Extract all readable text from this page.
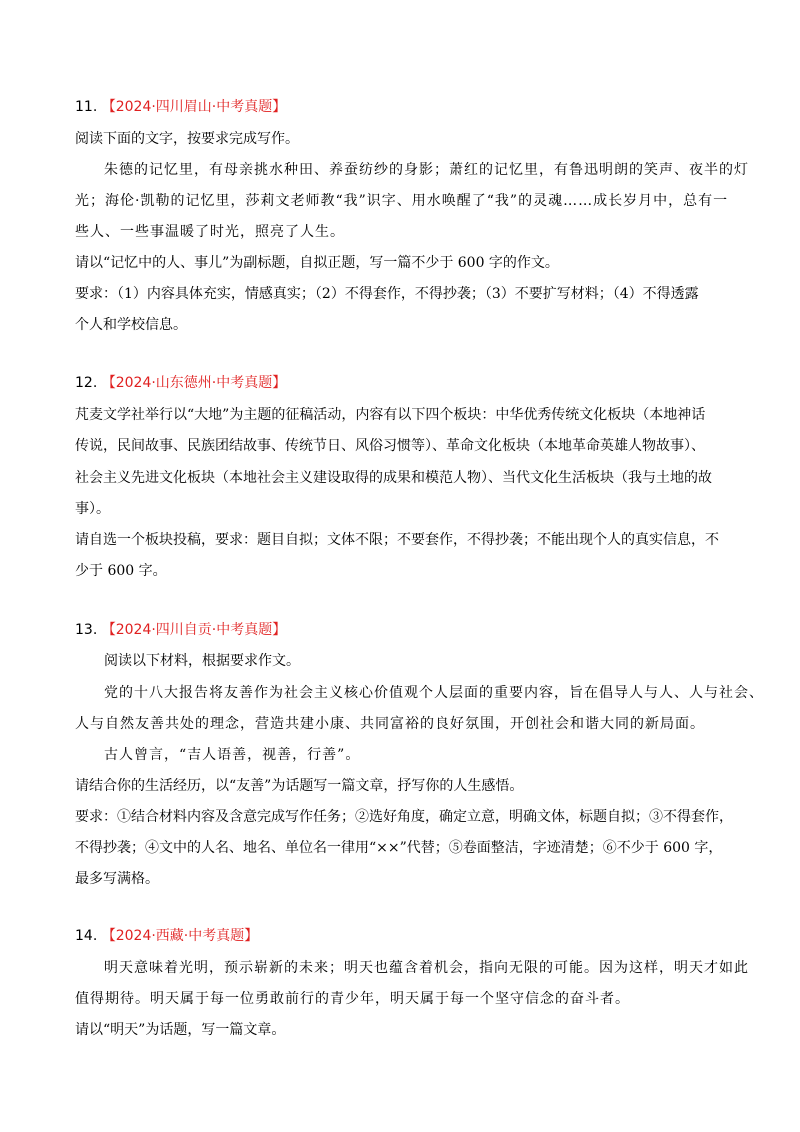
11. 【2024·四川眉山·中考真题】
阅读下面的文字，按要求完成写作。
朱德的记忆里，有母亲挑水种田、养蚕纺纱的身影；萧红的记忆里，有鲁迅明朗的笑声、夜半的灯
光；海伦·凯勒的记忆里，莎莉文老师教“我”识字、用水唤醒了“我”的灵魂……成长岁月中，总有一
些人、一些事温暖了时光，照亮了人生。
请以“记忆中的人、事儿”为副标题，自拟正题，写一篇不少于 600 字的作文。
要求：（1）内容具体充实，情感真实；（2）不得套作，不得抄袭；（3）不要扩写材料；（4）不得透露
个人和学校信息。
12. 【2024·山东德州·中考真题】
芃麦文学社举行以“大地”为主题的征稿活动，内容有以下四个板块：中华优秀传统文化板块（本地神话
传说，民间故事、民族团结故事、传统节日、风俗习惯等）、革命文化板块（本地革命英雄人物故事）、
社会主义先进文化板块（本地社会主义建设取得的成果和模范人物）、当代文化生活板块（我与土地的故
事）。
请自选一个板块投稿，要求：题目自拟；文体不限；不要套作，不得抄袭；不能出现个人的真实信息，不
少于 600 字。
13. 【2024·四川自贡·中考真题】
阅读以下材料，根据要求作文。
党的十八大报告将友善作为社会主义核心价值观个人层面的重要内容，旨在倡导人与人、人与社会、
人与自然友善共处的理念，营造共建小康、共同富裕的良好氛围，开创社会和谐大同的新局面。
古人曾言，“吉人语善，视善，行善”。
请结合你的生活经历，以“友善”为话题写一篇文章，抒写你的人生感悟。
要求：①结合材料内容及含意完成写作任务；②选好角度，确定立意，明确文体，标题自拟；③不得套作，
不得抄袭；④文中的人名、地名、单位名一律用“××”代替；⑤卷面整洁，字迹清楚；⑥不少于 600 字，
最多写满格。
14. 【2024·西藏·中考真题】
明天意味着光明，预示崭新的未来；明天也蕴含着机会，指向无限的可能。因为这样，明天才如此
值得期待。明天属于每一位勇敢前行的青少年，明天属于每一个坚守信念的奋斗者。
请以“明天”为话题，写一篇文章。
